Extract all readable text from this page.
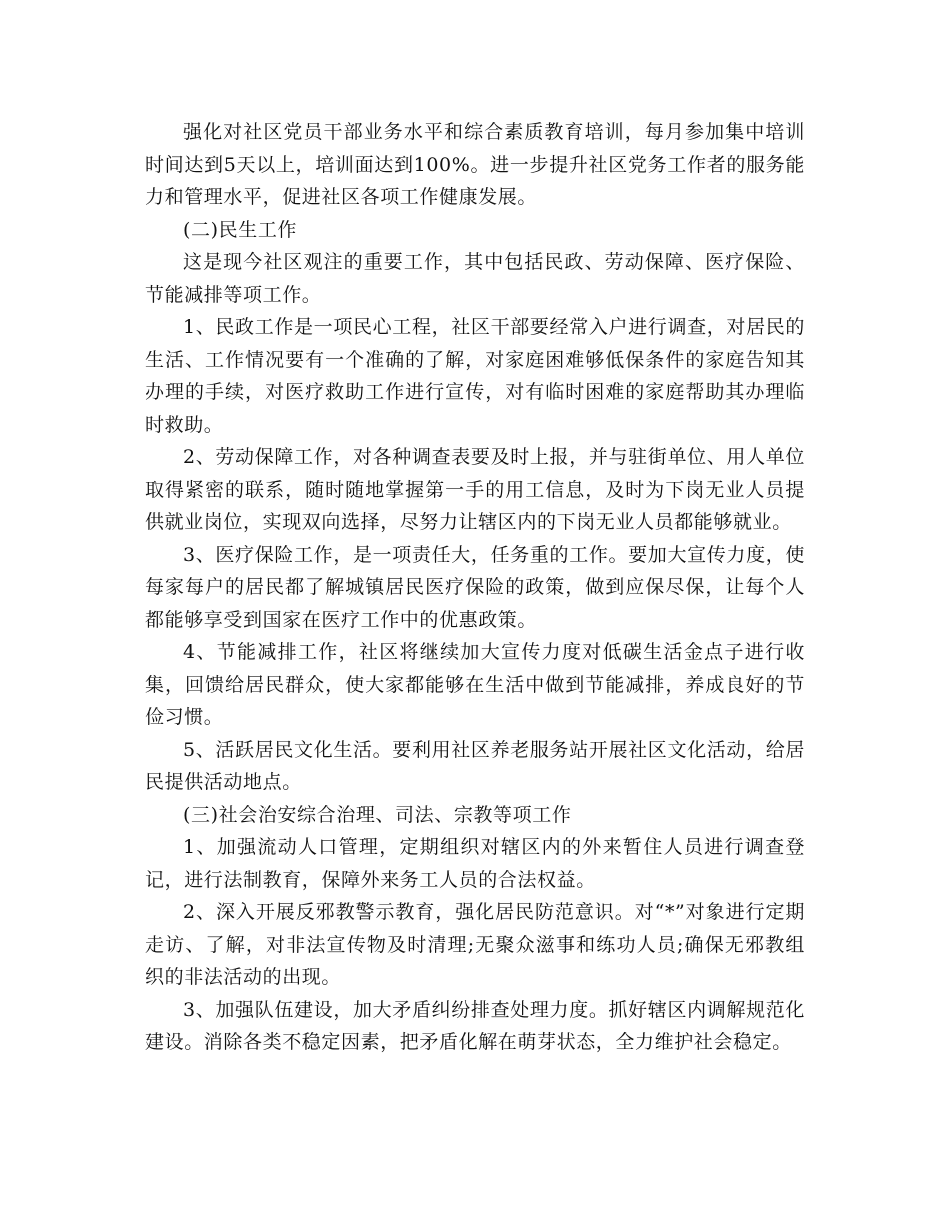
强化对社区党员干部业务水平和综合素质教育培训，每月参加集中培训时间达到5天以上，培训面达到100%。进一步提升社区党务工作者的服务能力和管理水平，促进社区各项工作健康发展。

(二)民生工作

这是现今社区观注的重要工作，其中包括民政、劳动保障、医疗保险、节能减排等项工作。

1、民政工作是一项民心工程，社区干部要经常入户进行调查，对居民的生活、工作情况要有一个准确的了解，对家庭困难够低保条件的家庭告知其办理的手续，对医疗救助工作进行宣传，对有临时困难的家庭帮助其办理临时救助。

2、劳动保障工作，对各种调查表要及时上报，并与驻街单位、用人单位取得紧密的联系，随时随地掌握第一手的用工信息，及时为下岗无业人员提供就业岗位，实现双向选择，尽努力让辖区内的下岗无业人员都能够就业。

3、医疗保险工作，是一项责任大，任务重的工作。要加大宣传力度，使每家每户的居民都了解城镇居民医疗保险的政策，做到应保尽保，让每个人都能够享受到国家在医疗工作中的优惠政策。

4、节能减排工作，社区将继续加大宣传力度对低碳生活金点子进行收集，回馈给居民群众，使大家都能够在生活中做到节能减排，养成良好的节俭习惯。

5、活跃居民文化生活。要利用社区养老服务站开展社区文化活动，给居民提供活动地点。

(三)社会治安综合治理、司法、宗教等项工作

1、加强流动人口管理，定期组织对辖区内的外来暂住人员进行调查登记，进行法制教育，保障外来务工人员的合法权益。

2、深入开展反邪教警示教育，强化居民防范意识。对“*”对象进行定期走访、了解，对非法宣传物及时清理;无聚众滋事和练功人员;确保无邪教组织的非法活动的出现。

3、加强队伍建设，加大矛盾纠纷排查处理力度。抓好辖区内调解规范化建设。消除各类不稳定因素，把矛盾化解在萌芽状态，全力维护社会稳定。
